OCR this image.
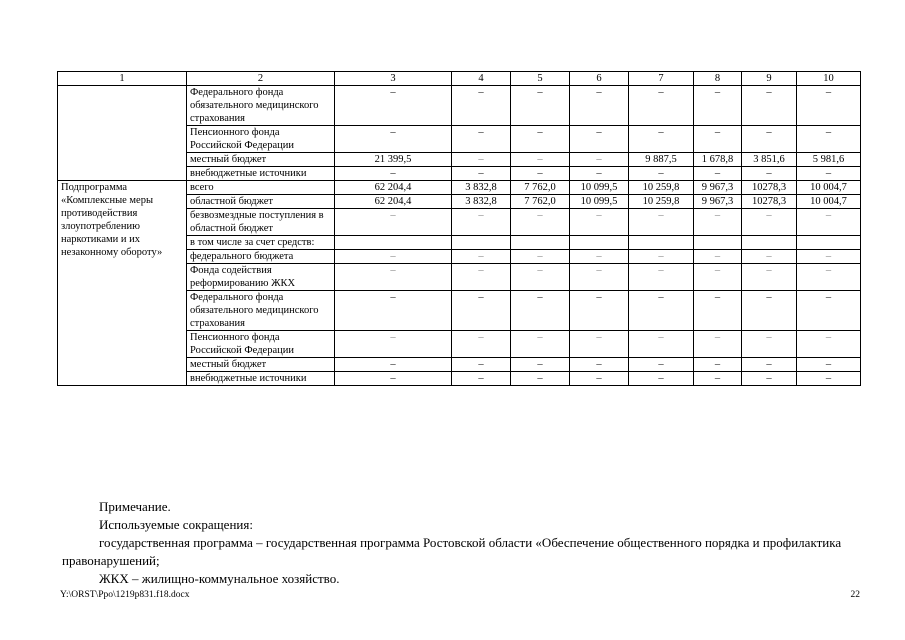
1	2	3	4	5	6	7	8	9	10
	Федерального фонда обязательного медицинского страхования	–	–	–	–	–	–	–	–
	Пенсионного фонда Российской Федерации	–	–	–	–	–	–	–	–
	местный бюджет	21 399,5	–	–	–	9 887,5	1 678,8	3 851,6	5 981,6
	внебюджетные источники	–	–	–	–	–	–	–	–
Подпрограмма «Комплексные меры противодействия злоупотреблению наркотиками и их незаконному обороту»	всего	62 204,4	3 832,8	7 762,0	10 099,5	10 259,8	9 967,3	10278,3	10 004,7
	областной бюджет	62 204,4	3 832,8	7 762,0	10 099,5	10 259,8	9 967,3	10278,3	10 004,7
	безвозмездные поступления в областной бюджет	–	–	–	–	–	–	–	–
	в том числе за счет средств:								
	федерального бюджета	–	–	–	–	–	–	–	–
	Фонда содействия реформированию ЖКХ	–	–	–	–	–	–	–	–
	Федерального фонда обязательного медицинского страхования	–	–	–	–	–	–	–	–
	Пенсионного фонда Российской Федерации	–	–	–	–	–	–	–	–
	местный бюджет	–	–	–	–	–	–	–	–
	внебюджетные источники	–	–	–	–	–	–	–	–

Примечание.

Используемые сокращения:

государственная программа – государственная программа Ростовской области «Обеспечение общественного порядка и профилактика правонарушений;

ЖКХ – жилищно-коммунальное хозяйство.

Y:\ORST\Ppo\1219p831.f18.docx	22
